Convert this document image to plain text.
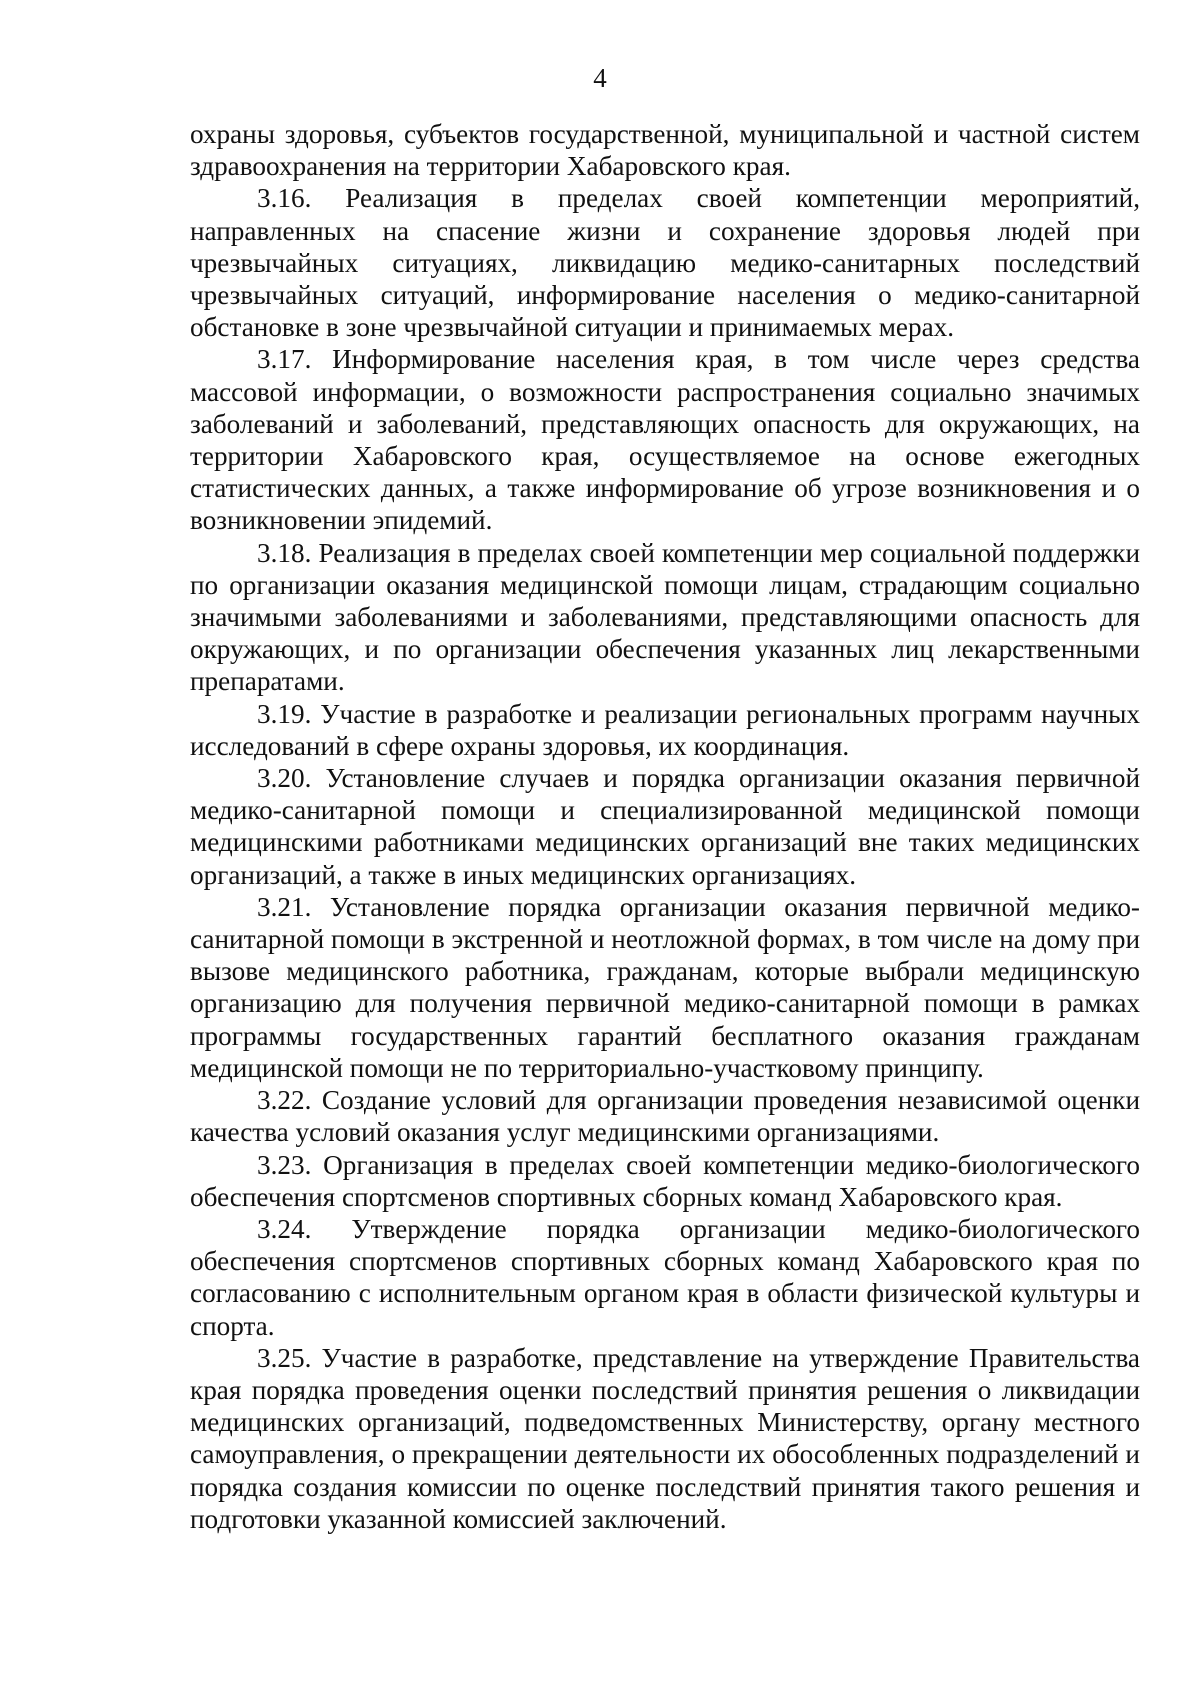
4

охраны здоровья, субъектов государственной, муниципальной и частной систем здравоохранения на территории Хабаровского края.

3.16. Реализация в пределах своей компетенции мероприятий, направленных на спасение жизни и сохранение здоровья людей при чрезвычайных ситуациях, ликвидацию медико-санитарных последствий чрезвычайных ситуаций, информирование населения о медико-санитарной обстановке в зоне чрезвычайной ситуации и принимаемых мерах.

3.17. Информирование населения края, в том числе через средства массовой информации, о возможности распространения социально значимых заболеваний и заболеваний, представляющих опасность для окружающих, на территории Хабаровского края, осуществляемое на основе ежегодных статистических данных, а также информирование об угрозе возникновения и о возникновении эпидемий.

3.18. Реализация в пределах своей компетенции мер социальной поддержки по организации оказания медицинской помощи лицам, страдающим социально значимыми заболеваниями и заболеваниями, представляющими опасность для окружающих, и по организации обеспечения указанных лиц лекарственными препаратами.

3.19. Участие в разработке и реализации региональных программ научных исследований в сфере охраны здоровья, их координация.

3.20. Установление случаев и порядка организации оказания первичной медико-санитарной помощи и специализированной медицинской помощи медицинскими работниками медицинских организаций вне таких медицинских организаций, а также в иных медицинских организациях.

3.21. Установление порядка организации оказания первичной медико-санитарной помощи в экстренной и неотложной формах, в том числе на дому при вызове медицинского работника, гражданам, которые выбрали медицинскую организацию для получения первичной медико-санитарной помощи в рамках программы государственных гарантий бесплатного оказания гражданам медицинской помощи не по территориально-участковому принципу.

3.22. Создание условий для организации проведения независимой оценки качества условий оказания услуг медицинскими организациями.

3.23. Организация в пределах своей компетенции медико-биологического обеспечения спортсменов спортивных сборных команд Хабаровского края.

3.24. Утверждение порядка организации медико-биологического обеспечения спортсменов спортивных сборных команд Хабаровского края по согласованию с исполнительным органом края в области физической культуры и спорта.

3.25. Участие в разработке, представление на утверждение Правительства края порядка проведения оценки последствий принятия решения о ликвидации медицинских организаций, подведомственных Министерству, органу местного самоуправления, о прекращении деятельности их обособленных подразделений и порядка создания комиссии по оценке последствий принятия такого решения и подготовки указанной комиссией заключений.
